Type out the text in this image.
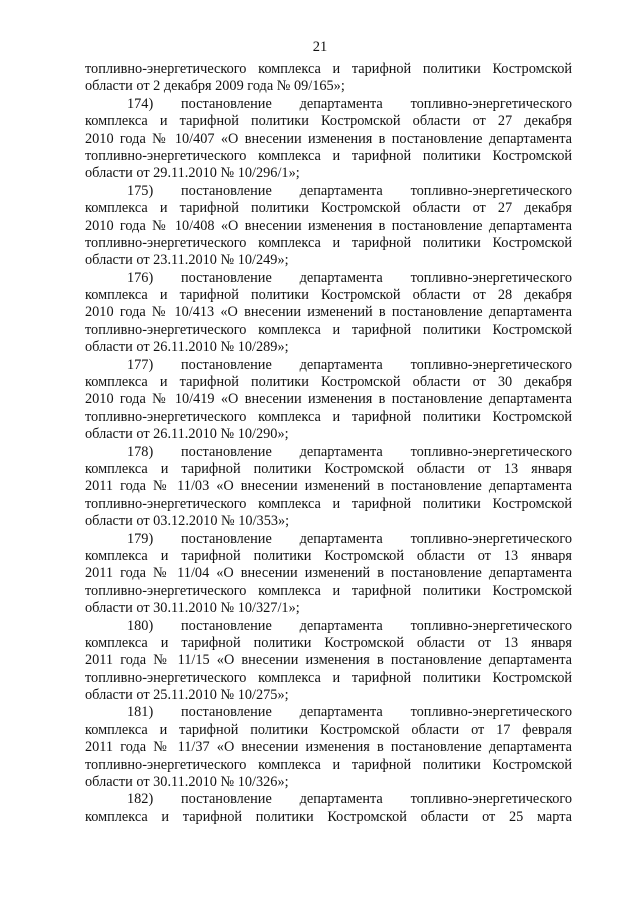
21
топливно-энергетического комплекса и тарифной политики Костромской
области от 2 декабря 2009 года № 09/165»;
174) постановление департамента топливно-энергетического
комплекса и тарифной политики Костромской области от 27 декабря
2010 года № 10/407 «О внесении изменения в постановление департамента
топливно-энергетического комплекса и тарифной политики Костромской
области от 29.11.2010 № 10/296/1»;
175) постановление департамента топливно-энергетического
комплекса и тарифной политики Костромской области от 27 декабря
2010 года № 10/408 «О внесении изменения в постановление департамента
топливно-энергетического комплекса и тарифной политики Костромской
области от 23.11.2010 № 10/249»;
176) постановление департамента топливно-энергетического
комплекса и тарифной политики Костромской области от 28 декабря
2010 года № 10/413 «О внесении изменений в постановление департамента
топливно-энергетического комплекса и тарифной политики Костромской
области от 26.11.2010 № 10/289»;
177) постановление департамента топливно-энергетического
комплекса и тарифной политики Костромской области от 30 декабря
2010 года № 10/419 «О внесении изменения в постановление департамента
топливно-энергетического комплекса и тарифной политики Костромской
области от 26.11.2010 № 10/290»;
178) постановление департамента топливно-энергетического
комплекса и тарифной политики Костромской области от 13 января
2011 года № 11/03 «О внесении изменений в постановление департамента
топливно-энергетического комплекса и тарифной политики Костромской
области от 03.12.2010 № 10/353»;
179) постановление департамента топливно-энергетического
комплекса и тарифной политики Костромской области от 13 января
2011 года № 11/04 «О внесении изменений в постановление департамента
топливно-энергетического комплекса и тарифной политики Костромской
области от 30.11.2010 № 10/327/1»;
180) постановление департамента топливно-энергетического
комплекса и тарифной политики Костромской области от 13 января
2011 года № 11/15 «О внесении изменения в постановление департамента
топливно-энергетического комплекса и тарифной политики Костромской
области от 25.11.2010 № 10/275»;
181) постановление департамента топливно-энергетического
комплекса и тарифной политики Костромской области от 17 февраля
2011 года № 11/37 «О внесении изменения в постановление департамента
топливно-энергетического комплекса и тарифной политики Костромской
области от 30.11.2010 № 10/326»;
182) постановление департамента топливно-энергетического
комплекса и тарифной политики Костромской области от 25 марта
